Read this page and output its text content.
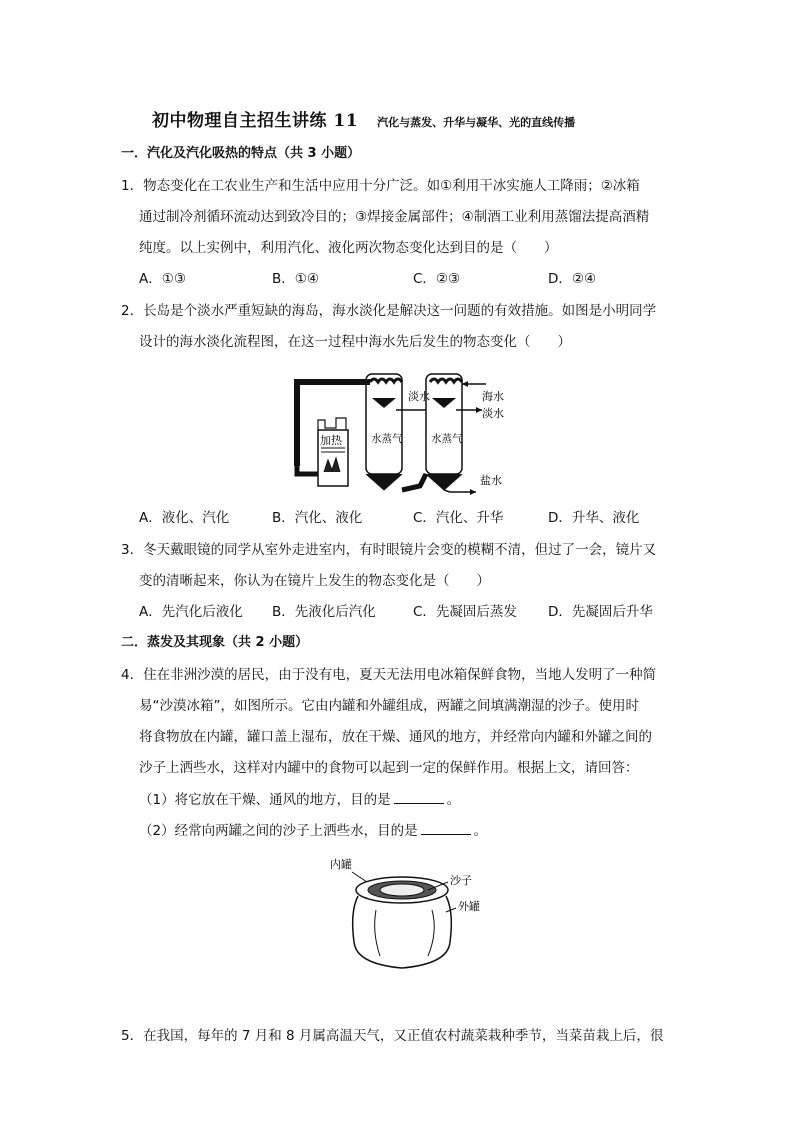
初中物理自主招生讲练 11 汽化与蒸发、升华与凝华、光的直线传播
一．汽化及汽化吸热的特点（共 3 小题）
1．物态变化在工农业生产和生活中应用十分广泛。如①利用干冰实施人工降雨；②冰箱
通过制冷剂循环流动达到致冷目的；③焊接金属部件；④制酒工业利用蒸馏法提高酒精
纯度。以上实例中，利用汽化、液化两次物态变化达到目的是（　　）
A．①③	B．①④	C．②③	D．②④
2．长岛是个淡水严重短缺的海岛，海水淡化是解决这一问题的有效措施。如图是小明同学
设计的海水淡化流程图，在这一过程中海水先后发生的物态变化（　　）
加热	水蒸气
淡水
水蒸气
海水
淡水
盐水
A．液化、汽化	B．汽化、液化	C．汽化、升华	D．升华、液化
3．冬天戴眼镜的同学从室外走进室内，有时眼镜片会变的模糊不清，但过了一会，镜片又
变的清晰起来，你认为在镜片上发生的物态变化是（　　）
A．先汽化后液化 B．先液化后汽化	C．先凝固后蒸发 D．先凝固后升华
二．蒸发及其现象（共 2 小题）
4．住在非洲沙漠的居民，由于没有电，夏天无法用电冰箱保鲜食物，当地人发明了一种简
易“沙漠冰箱”，如图所示。它由内罐和外罐组成，两罐之间填满潮湿的沙子。使用时
将食物放在内罐，罐口盖上湿布，放在干燥、通风的地方，并经常向内罐和外罐之间的
沙子上洒些水，这样对内罐中的食物可以起到一定的保鲜作用。根据上文，请回答：
（1）将它放在干燥、通风的地方，目的是	。
（2）经常向两罐之间的沙子上洒些水，目的是	。
内罐
沙子
外罐
5．在我国，每年的 7 月和 8 月属高温天气，又正值农村蔬菜栽种季节，当菜苗栽上后，很
